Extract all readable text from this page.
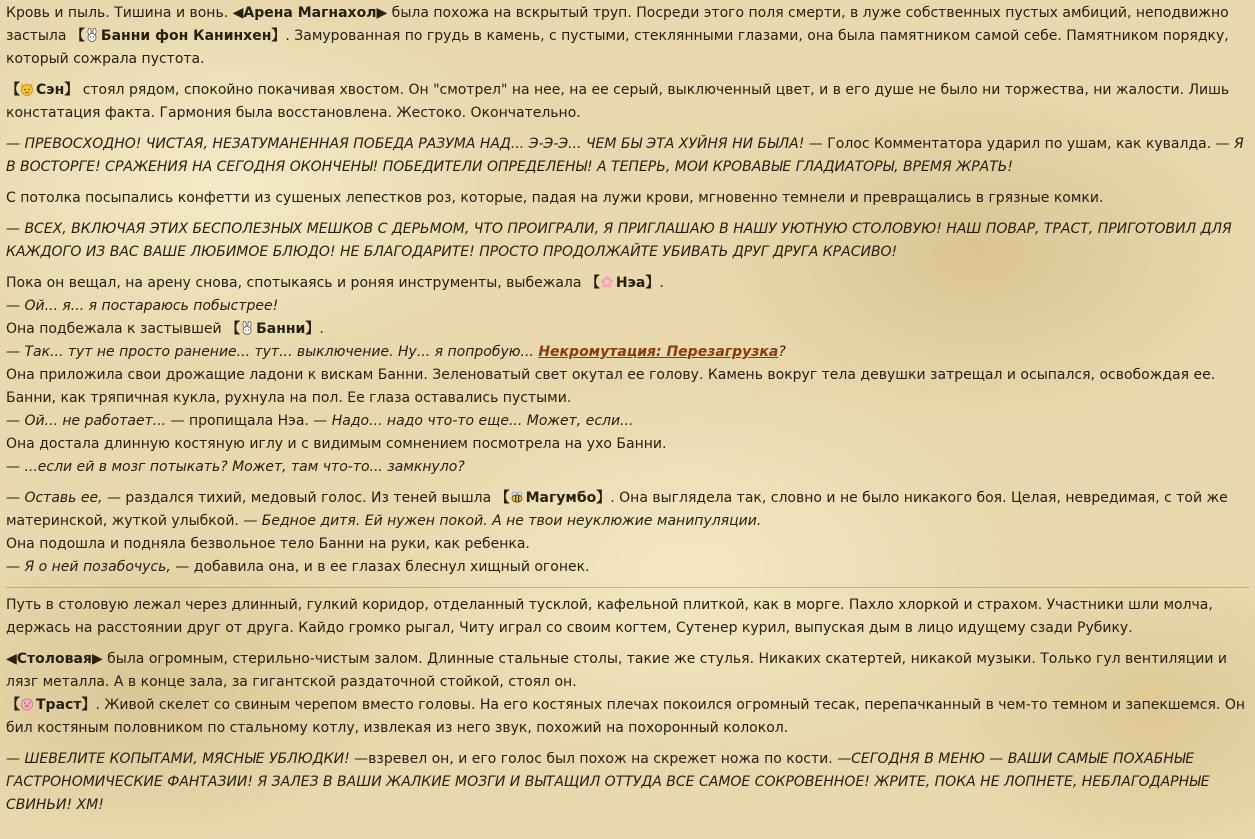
Кровь и пыль. Тишина и вонь. ◀Арена Магнахол▶ была похожа на вскрытый труп. Посреди этого поля смерти, в луже собственных пустых амбиций, неподвижно застыла 【 Банни фон Канинхен】. Замурованная по грудь в камень, с пустыми, стеклянными глазами, она была памятником самой себе. Памятником порядку, который сожрала пустота.

【 Сэн】 стоял рядом, спокойно покачивая хвостом. Он "смотрел" на нее, на ее серый, выключенный цвет, и в его душе не было ни торжества, ни жалости. Лишь констатация факта. Гармония была восстановлена. Жестоко. Окончательно.

— ПРЕВОСХОДНО! ЧИСТАЯ, НЕЗАТУМАНЕННАЯ ПОБЕДА РАЗУМА НАД... Э-Э-Э... ЧЕМ БЫ ЭТА ХУЙНЯ НИ БЫЛА! — Голос Комментатора ударил по ушам, как кувалда. — Я В ВОСТОРГЕ! СРАЖЕНИЯ НА СЕГОДНЯ ОКОНЧЕНЫ! ПОБЕДИТЕЛИ ОПРЕДЕЛЕНЫ! А ТЕПЕРЬ, МОИ КРОВАВЫЕ ГЛАДИАТОРЫ, ВРЕМЯ ЖРАТЬ!

С потолка посыпались конфетти из сушеных лепестков роз, которые, падая на лужи крови, мгновенно темнели и превращались в грязные комки.

— ВСЕХ, ВКЛЮЧАЯ ЭТИХ БЕСПОЛЕЗНЫХ МЕШКОВ С ДЕРЬМОМ, ЧТО ПРОИГРАЛИ, Я ПРИГЛАШАЮ В НАШУ УЮТНУЮ СТОЛОВУЮ! НАШ ПОВАР, ТРАСТ, ПРИГОТОВИЛ ДЛЯ КАЖДОГО ИЗ ВАС ВАШЕ ЛЮБИМОЕ БЛЮДО! НЕ БЛАГОДАРИТЕ! ПРОСТО ПРОДОЛЖАЙТЕ УБИВАТЬ ДРУГ ДРУГА КРАСИВО!

Пока он вещал, на арену снова, спотыкаясь и роняя инструменты, выбежала 【 Нэа】.

— Ой... я... я постараюсь побыстрее!

Она подбежала к застывшей 【 Банни】.

— Так... тут не просто ранение... тут... выключение. Ну... я попробую... Некромутация: Перезагрузка?

Она приложила свои дрожащие ладони к вискам Банни. Зеленоватый свет окутал ее голову. Камень вокруг тела девушки затрещал и осыпался, освобождая ее. Банни, как тряпичная кукла, рухнула на пол. Ее глаза оставались пустыми.

— Ой... не работает... — пропищала Нэа. — Надо... надо что-то еще... Может, если...

Она достала длинную костяную иглу и с видимым сомнением посмотрела на ухо Банни.

— ...если ей в мозг потыкать? Может, там что-то... замкнуло?

— Оставь ее, — раздался тихий, медовый голос. Из теней вышла 【 Магумбо】. Она выглядела так, словно и не было никакого боя. Целая, невредимая, с той же материнской, жуткой улыбкой. — Бедное дитя. Ей нужен покой. А не твои неуклюжие манипуляции.

Она подошла и подняла безвольное тело Банни на руки, как ребенка.

— Я о ней позабочусь, — добавила она, и в ее глазах блеснул хищный огонек.

Путь в столовую лежал через длинный, гулкий коридор, отделанный тусклой, кафельной плиткой, как в морге. Пахло хлоркой и страхом. Участники шли молча, держась на расстоянии друг от друга. Кайдо громко рыгал, Читу играл со своим когтем, Сутенер курил, выпуская дым в лицо идущему сзади Рубику.

◀Столовая▶ была огромным, стерильно-чистым залом. Длинные стальные столы, такие же стулья. Никаких скатертей, никакой музыки. Только гул вентиляции и лязг металла. А в конце зала, за гигантской раздаточной стойкой, стоял он.
【 Траст】. Живой скелет со свиным черепом вместо головы. На его костяных плечах покоился огромный тесак, перепачканный в чем-то темном и запекшемся. Он бил костяным половником по стальному котлу, извлекая из него звук, похожий на похоронный колокол.

— ШЕВЕЛИТЕ КОПЫТАМИ, МЯСНЫЕ УБЛЮДКИ! —взревел он, и его голос был похож на скрежет ножа по кости. —СЕГОДНЯ В МЕНЮ — ВАШИ САМЫЕ ПОХАБНЫЕ ГАСТРОНОМИЧЕСКИЕ ФАНТАЗИИ! Я ЗАЛЕЗ В ВАШИ ЖАЛКИЕ МОЗГИ И ВЫТАЩИЛ ОТТУДА ВСЕ САМОЕ СОКРОВЕННОЕ! ЖРИТЕ, ПОКА НЕ ЛОПНЕТЕ, НЕБЛАГОДАРНЫЕ СВИНЬИ! ХМ!
